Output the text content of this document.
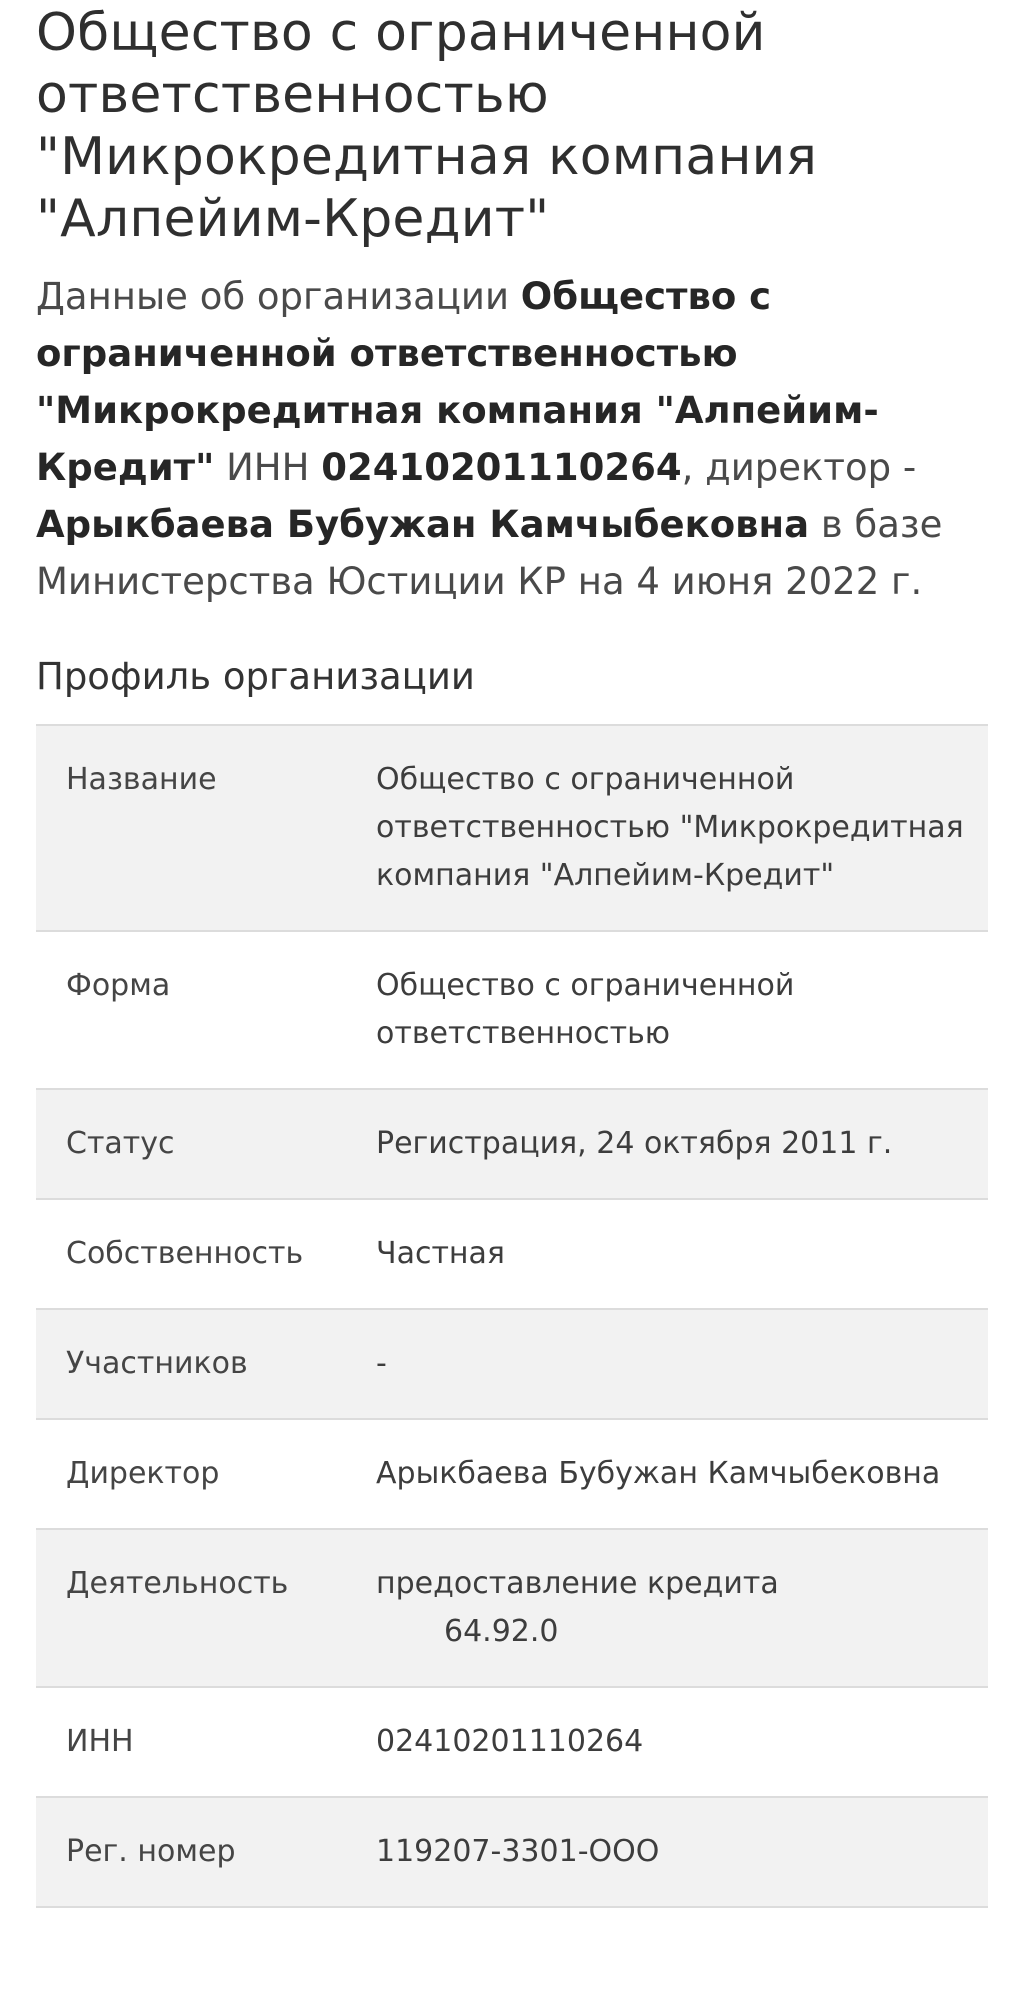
Общество с ограниченной ответственностью "Микрокредитная компания "Алпейим-Кредит"

Данные об организации Общество с ограниченной ответственностью "Микрокредитная компания "Алпейим-Кредит" ИНН 02410201110264, директор - Арыкбаева Бубужан Камчыбековна в базе Министерства Юстиции КР на 4 июня 2022 г.

Профиль организации
Название	Общество с ограниченной ответственностью "Микрокредитная компания "Алпейим-Кредит"
Форма	Общество с ограниченной ответственностью
Статус	Регистрация, 24 октября 2011 г.
Собственность	Частная
Участников	-
Директор	Арыкбаева Бубужан Камчыбековна
Деятельность	предоставление кредита
64.92.0

ИНН	02410201110264
Рег. номер	119207-3301-ООО
